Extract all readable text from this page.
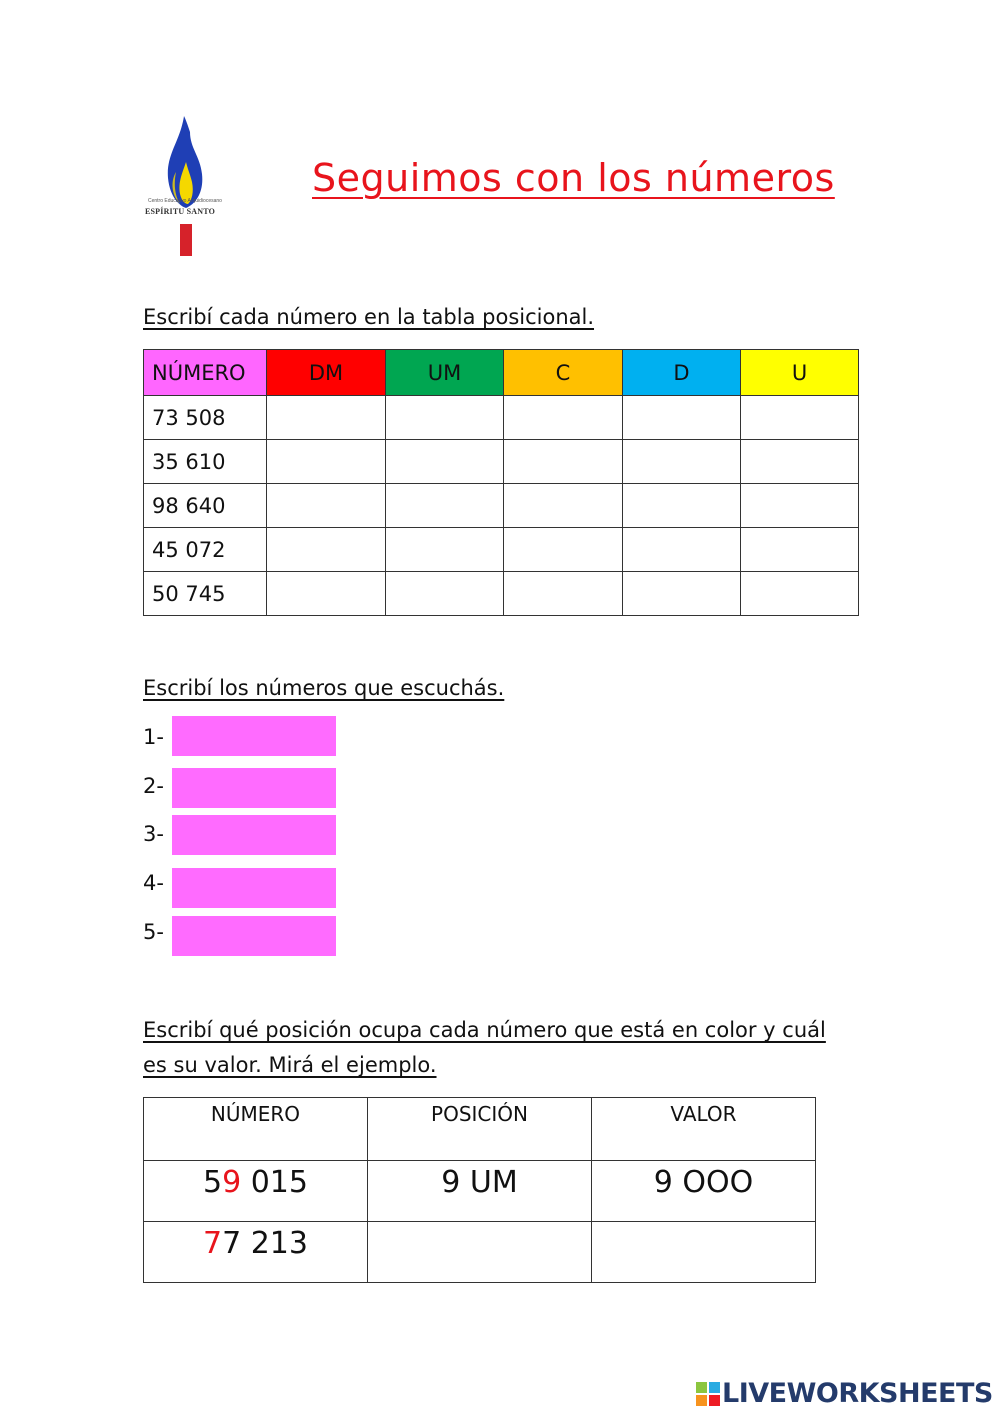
Centro Educativo Arquidiocesano
ESPÍRITU SANTO
Seguimos con los números
Escribí cada número en la tabla posicional.
NÚMERO	DM	UM	C	D	U
73 508					
35 610					
98 640					
45 072					
50 745					
Escribí los números que escuchás.
1-
2-
3-
4-
5-
Escribí qué posición ocupa cada número que está en color y cuál
es su valor. Mirá el ejemplo.
NÚMERO	POSICIÓN	VALOR
59 015	9 UM	9 OOO
77 213		
LIVEWORKSHEETS
